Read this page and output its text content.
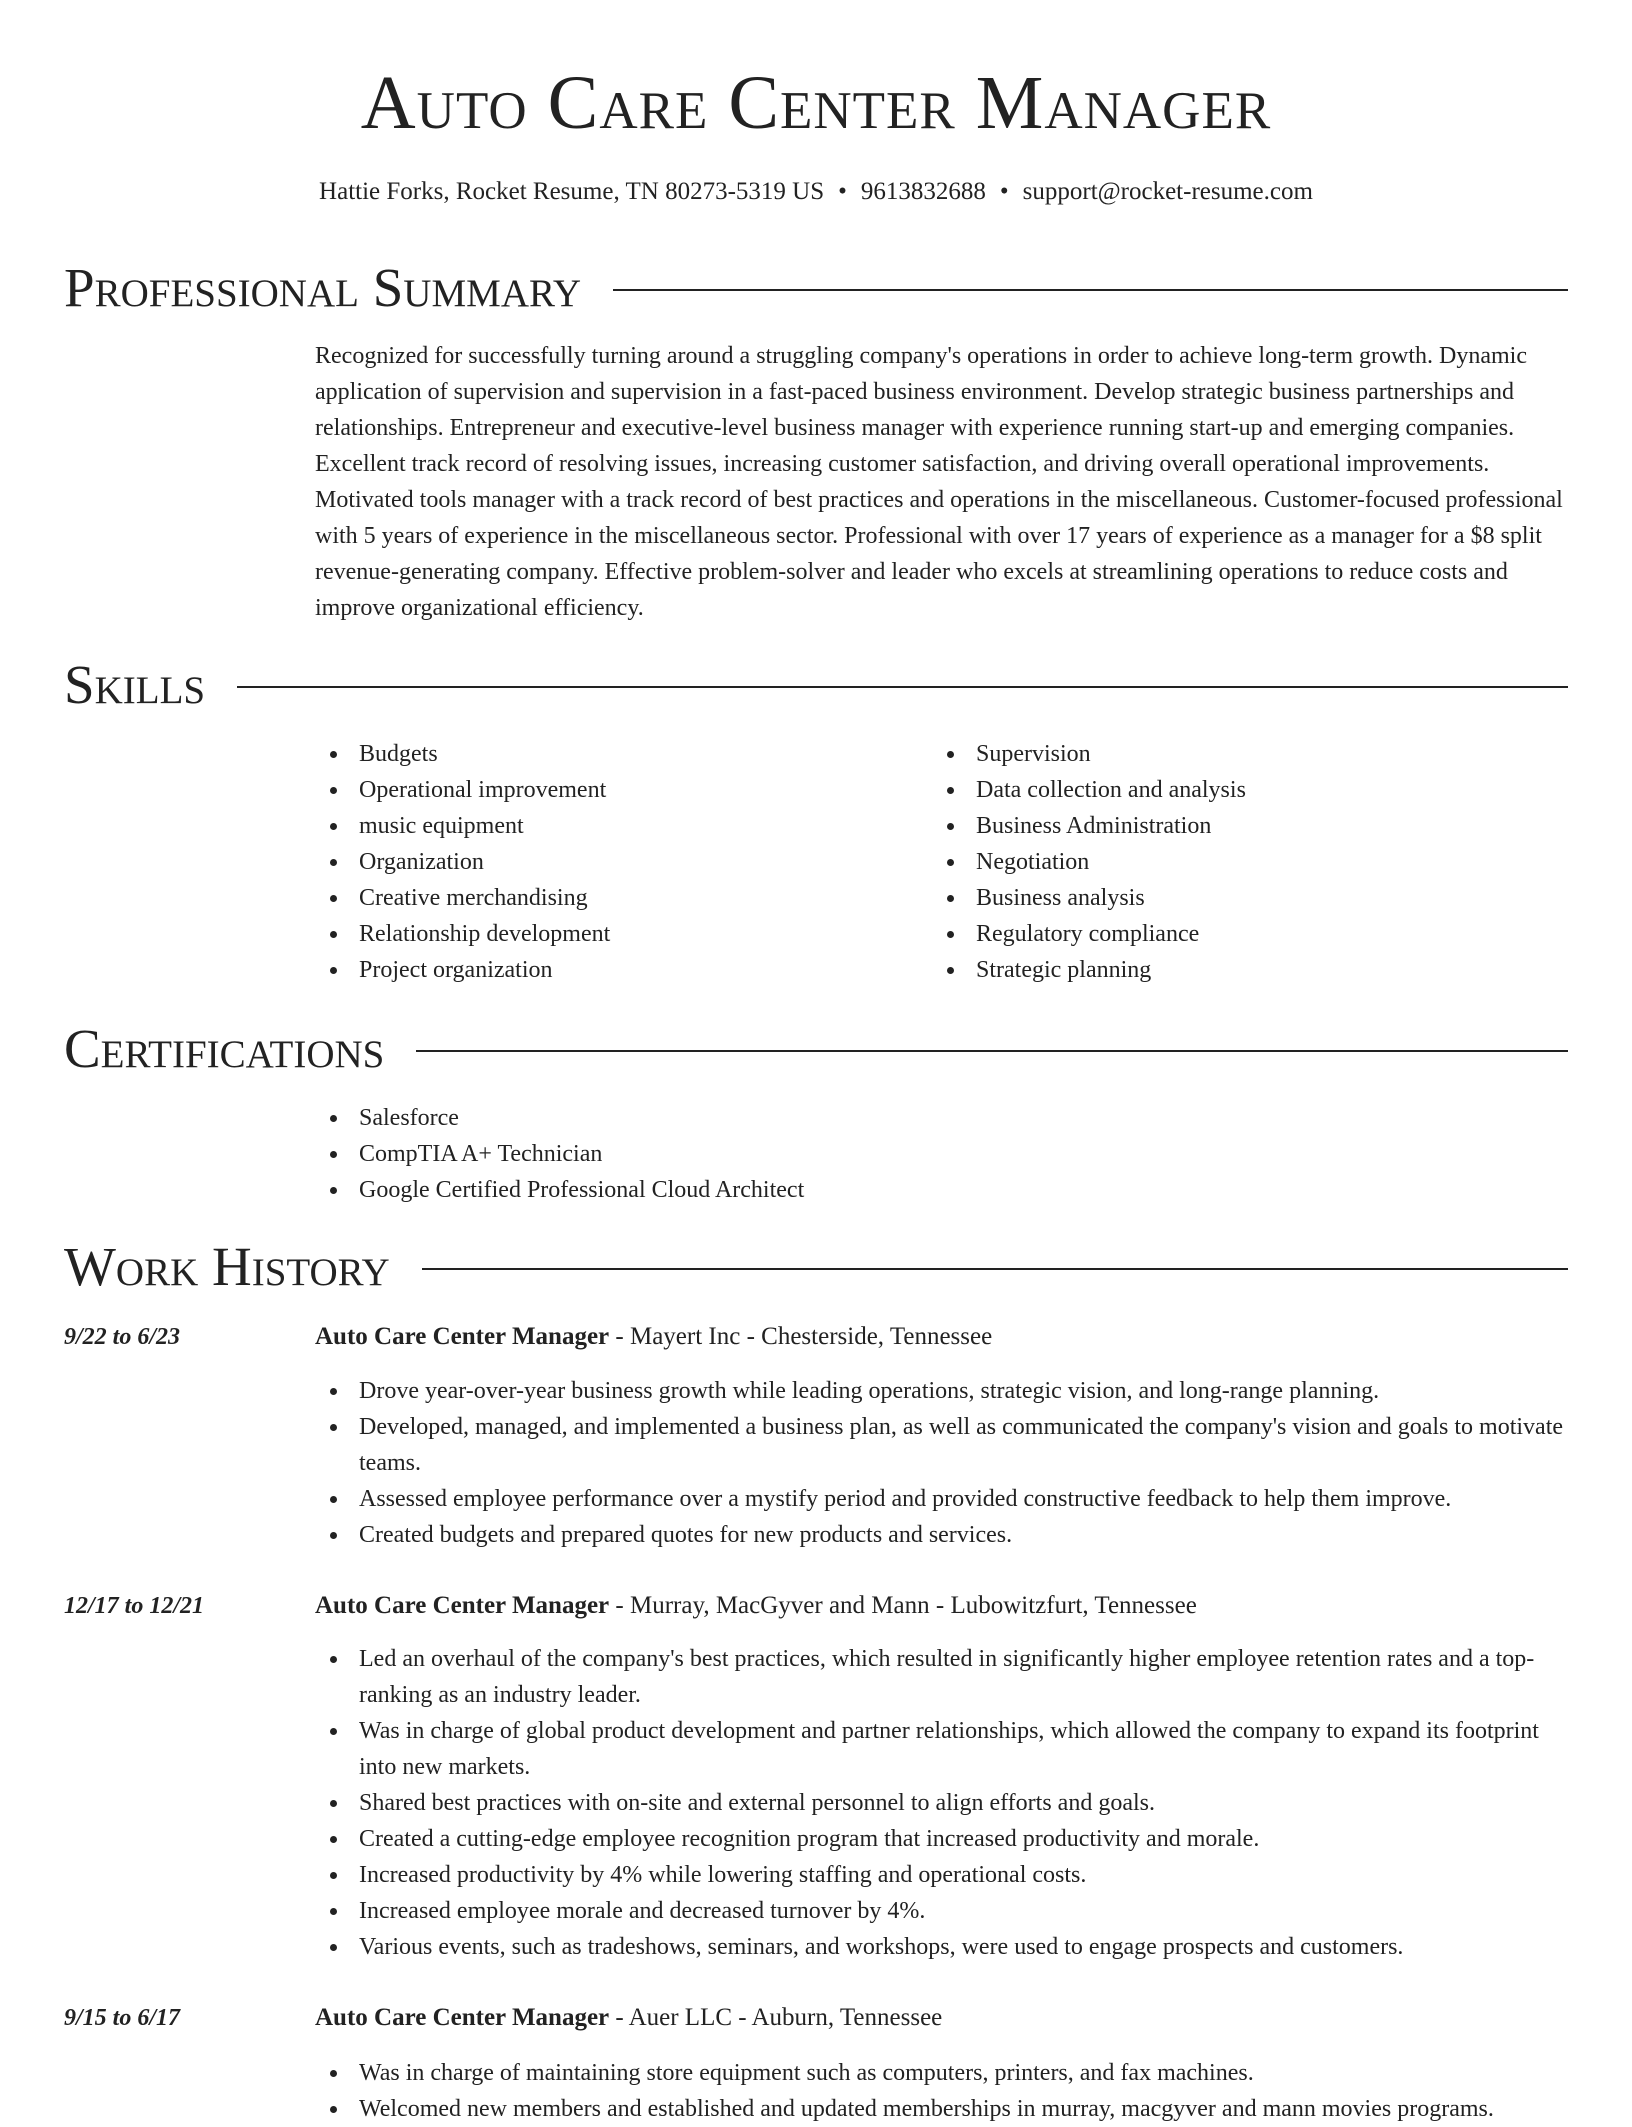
Auto Care Center Manager
Hattie Forks, Rocket Resume, TN 80273-5319 US • 9613832688 • support@rocket-resume.com
Professional Summary
Recognized for successfully turning around a struggling company's operations in order to achieve long-term growth. Dynamic application of supervision and supervision in a fast-paced business environment. Develop strategic business partnerships and relationships. Entrepreneur and executive-level business manager with experience running start-up and emerging companies. Excellent track record of resolving issues, increasing customer satisfaction, and driving overall operational improvements. Motivated tools manager with a track record of best practices and operations in the miscellaneous. Customer-focused professional with 5 years of experience in the miscellaneous sector. Professional with over 17 years of experience as a manager for a $8 split revenue-generating company. Effective problem-solver and leader who excels at streamlining operations to reduce costs and improve organizational efficiency.
Skills
Budgets
Operational improvement
music equipment
Organization
Creative merchandising
Relationship development
Project organization
Supervision
Data collection and analysis
Business Administration
Negotiation
Business analysis
Regulatory compliance
Strategic planning
Certifications
Salesforce
CompTIA A+ Technician
Google Certified Professional Cloud Architect
Work History
9/22 to 6/23	Auto Care Center Manager - Mayert Inc - Chesterside, Tennessee
Drove year-over-year business growth while leading operations, strategic vision, and long-range planning.
Developed, managed, and implemented a business plan, as well as communicated the company's vision and goals to motivate teams.
Assessed employee performance over a mystify period and provided constructive feedback to help them improve.
Created budgets and prepared quotes for new products and services.
12/17 to 12/21	Auto Care Center Manager - Murray, MacGyver and Mann - Lubowitzfurt, Tennessee
Led an overhaul of the company's best practices, which resulted in significantly higher employee retention rates and a top-ranking as an industry leader.
Was in charge of global product development and partner relationships, which allowed the company to expand its footprint into new markets.
Shared best practices with on-site and external personnel to align efforts and goals.
Created a cutting-edge employee recognition program that increased productivity and morale.
Increased productivity by 4% while lowering staffing and operational costs.
Increased employee morale and decreased turnover by 4%.
Various events, such as tradeshows, seminars, and workshops, were used to engage prospects and customers.
9/15 to 6/17	Auto Care Center Manager - Auer LLC - Auburn, Tennessee
Was in charge of maintaining store equipment such as computers, printers, and fax machines.
Welcomed new members and established and updated memberships in murray, macgyver and mann movies programs.
